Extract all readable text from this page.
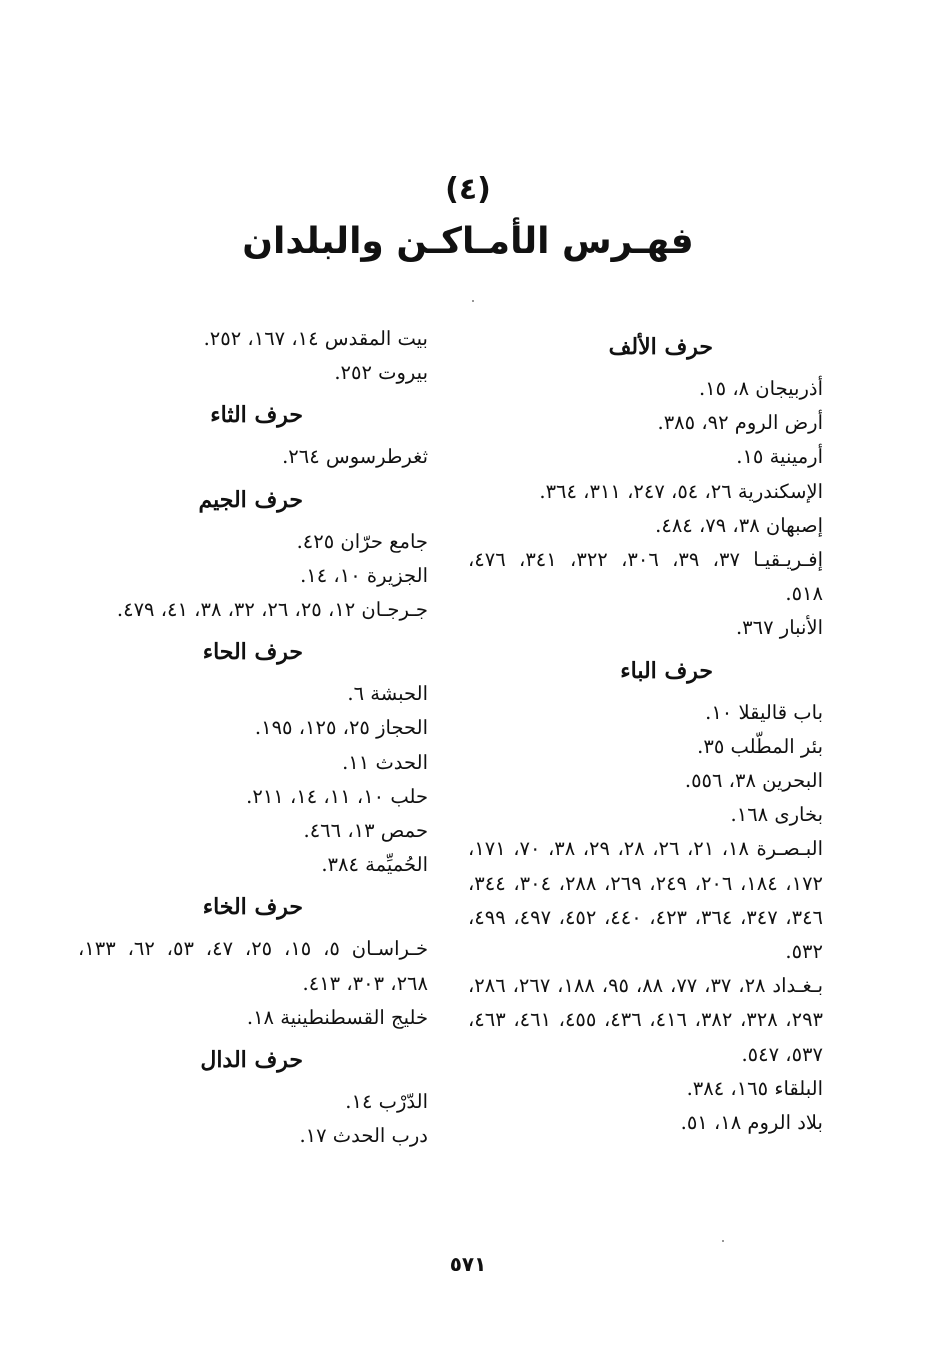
(٤)
فهـرس الأمـاكـن والبلدان
حرف الألف
أذربيجان ٨، ١٥.
أرض الروم ٩٢، ٣٨٥.
أرمينية ١٥.
الإسكندرية ٢٦، ٥٤، ٢٤٧، ٣١١، ٣٦٤.
إصبهان ٣٨، ٧٩، ٤٨٤.
إفـريـقيـا ٣٧، ٣٩، ٣٠٦، ٣٢٢، ٣٤١، ٤٧٦، ٥١٨.
الأنبار ٣٦٧.
حرف الباء
باب قاليقلا ١٠.
بئر المطّلب ٣٥.
البحرين ٣٨، ٥٥٦.
بخارى ١٦٨.
البـصـرة ١٨، ٢١، ٢٦، ٢٨، ٢٩، ٣٨، ٧٠، ١٧١، ١٧٢، ١٨٤، ٢٠٦، ٢٤٩، ٢٦٩، ٢٨٨، ٣٠٤، ٣٤٤، ٣٤٦، ٣٤٧، ٣٦٤، ٤٢٣، ٤٤٠، ٤٥٢، ٤٩٧، ٤٩٩، ٥٣٢.
بـغـداد ٢٨، ٣٧، ٧٧، ٨٨، ٩٥، ١٨٨، ٢٦٧، ٢٨٦، ٢٩٣، ٣٢٨، ٣٨٢، ٤١٦، ٤٣٦، ٤٥٥، ٤٦١، ٤٦٣، ٥٣٧، ٥٤٧.
البلقاء ١٦٥، ٣٨٤.
بلاد الروم ١٨، ٥١.
بيت المقدس ١٤، ١٦٧، ٢٥٢.
بيروت ٢٥٢.
حرف الثاء
ثغرطرسوس ٢٦٤.
حرف الجيم
جامع حرّان ٤٢٥.
الجزيرة ١٠، ١٤.
جـرجـان ١٢، ٢٥، ٢٦، ٣٢، ٣٨، ٤١، ٤٧٩.
حرف الحاء
الحبشة ٦.
الحجاز ٢٥، ١٢٥، ١٩٥.
الحدث ١١.
حلب ١٠، ١١، ١٤، ٢١١.
حمص ١٣، ٤٦٦.
الحُميِّمة ٣٨٤.
حرف الخاء
خـراسـان ٥، ١٥، ٢٥، ٤٧، ٥٣، ٦٢، ١٣٣، ٢٦٨، ٣٠٣، ٤١٣.
خليج القسطنطينية ١٨.
حرف الدال
الدّرْب ١٤.
درب الحدث ١٧.
٥٧١
